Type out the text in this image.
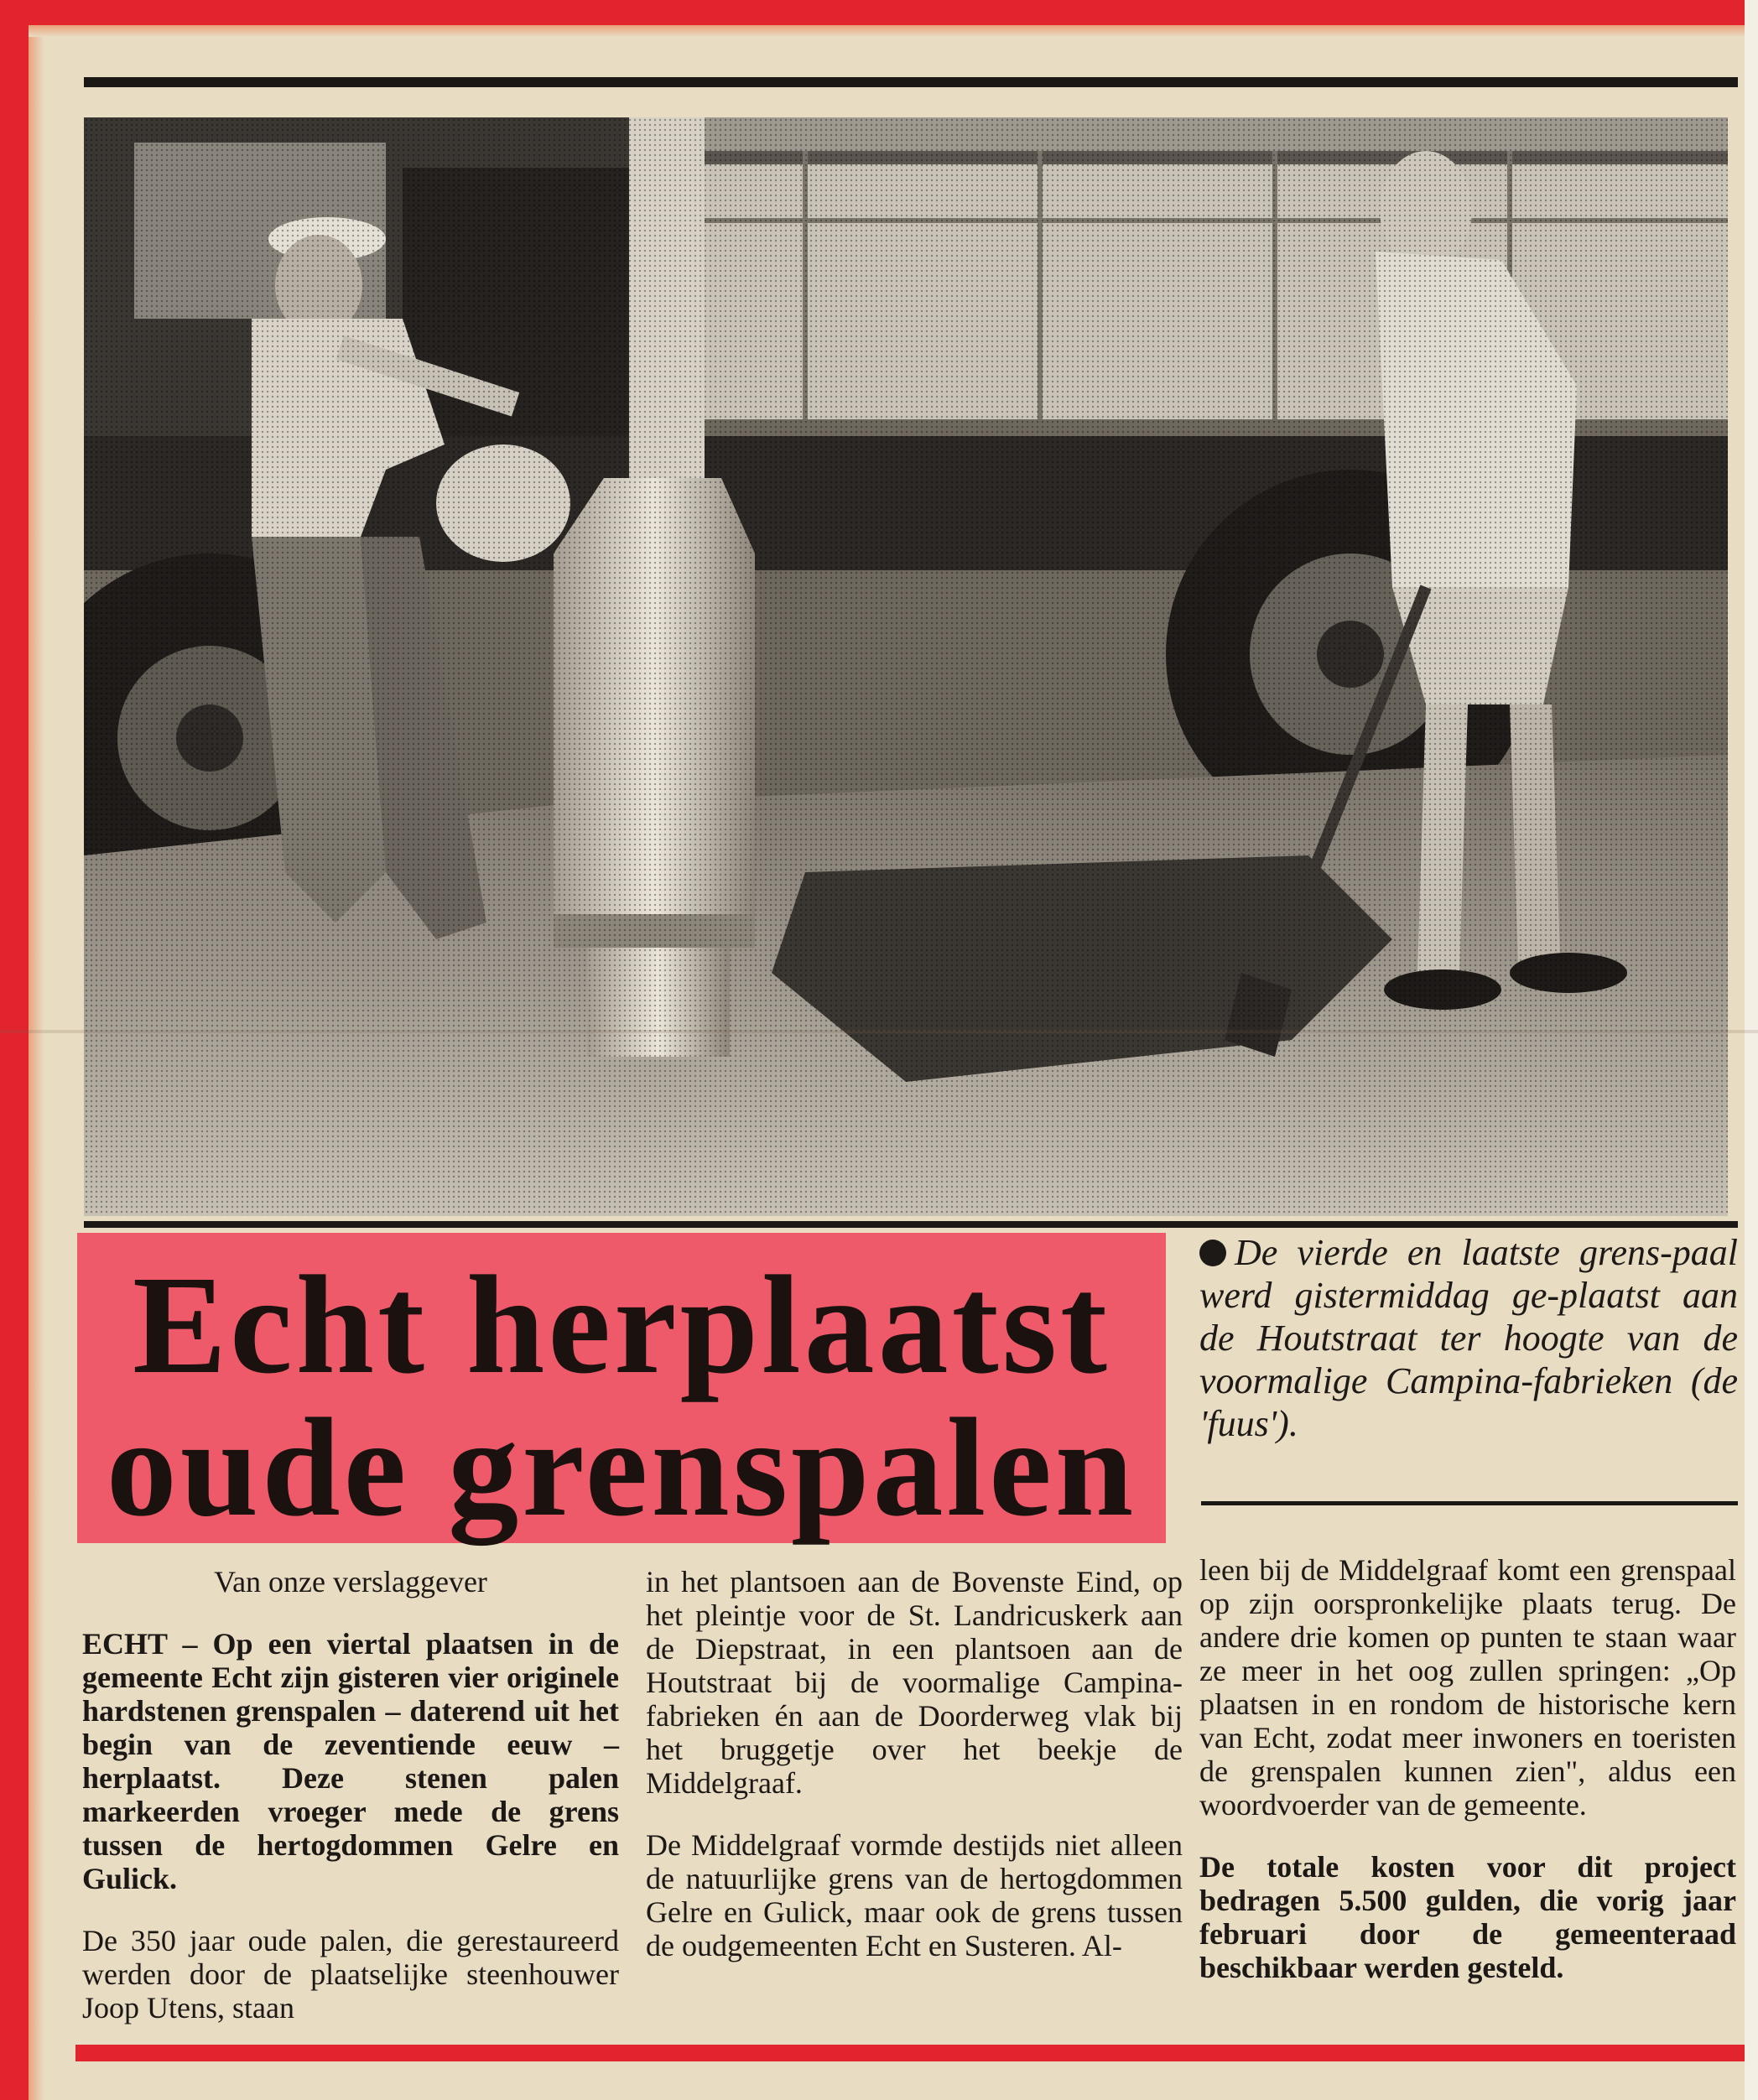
Echt herplaatst
oude grenspalen
De vierde en laatste grens-paal werd gistermiddag ge-plaatst aan de Houtstraat ter hoogte van de voormalige Campina-fabrieken (de 'fuus').
Van onze verslaggever
ECHT – Op een viertal plaatsen in de gemeente Echt zijn gisteren vier originele hardstenen grenspalen – daterend uit het begin van de zeventiende eeuw – herplaatst. Deze stenen palen markeerden vroeger mede de grens tussen de hertogdommen Gelre en Gulick.
De 350 jaar oude palen, die gerestaureerd werden door de plaatselijke steenhouwer Joop Utens, staan
in het plantsoen aan de Bovenste Eind, op het pleintje voor de St. Landricuskerk aan de Diepstraat, in een plantsoen aan de Houtstraat bij de voormalige Campina-fabrieken én aan de Doorderweg vlak bij het bruggetje over het beekje de Middelgraaf.
De Middelgraaf vormde destijds niet alleen de natuurlijke grens van de hertogdommen Gelre en Gulick, maar ook de grens tussen de oudgemeenten Echt en Susteren. Al-
leen bij de Middelgraaf komt een grenspaal op zijn oorspronkelijke plaats terug. De andere drie komen op punten te staan waar ze meer in het oog zullen springen: „Op plaatsen in en rondom de historische kern van Echt, zodat meer inwoners en toeristen de grenspalen kunnen zien", aldus een woordvoerder van de gemeente.
De totale kosten voor dit project bedragen 5.500 gulden, die vorig jaar februari door de gemeenteraad beschikbaar werden gesteld.
